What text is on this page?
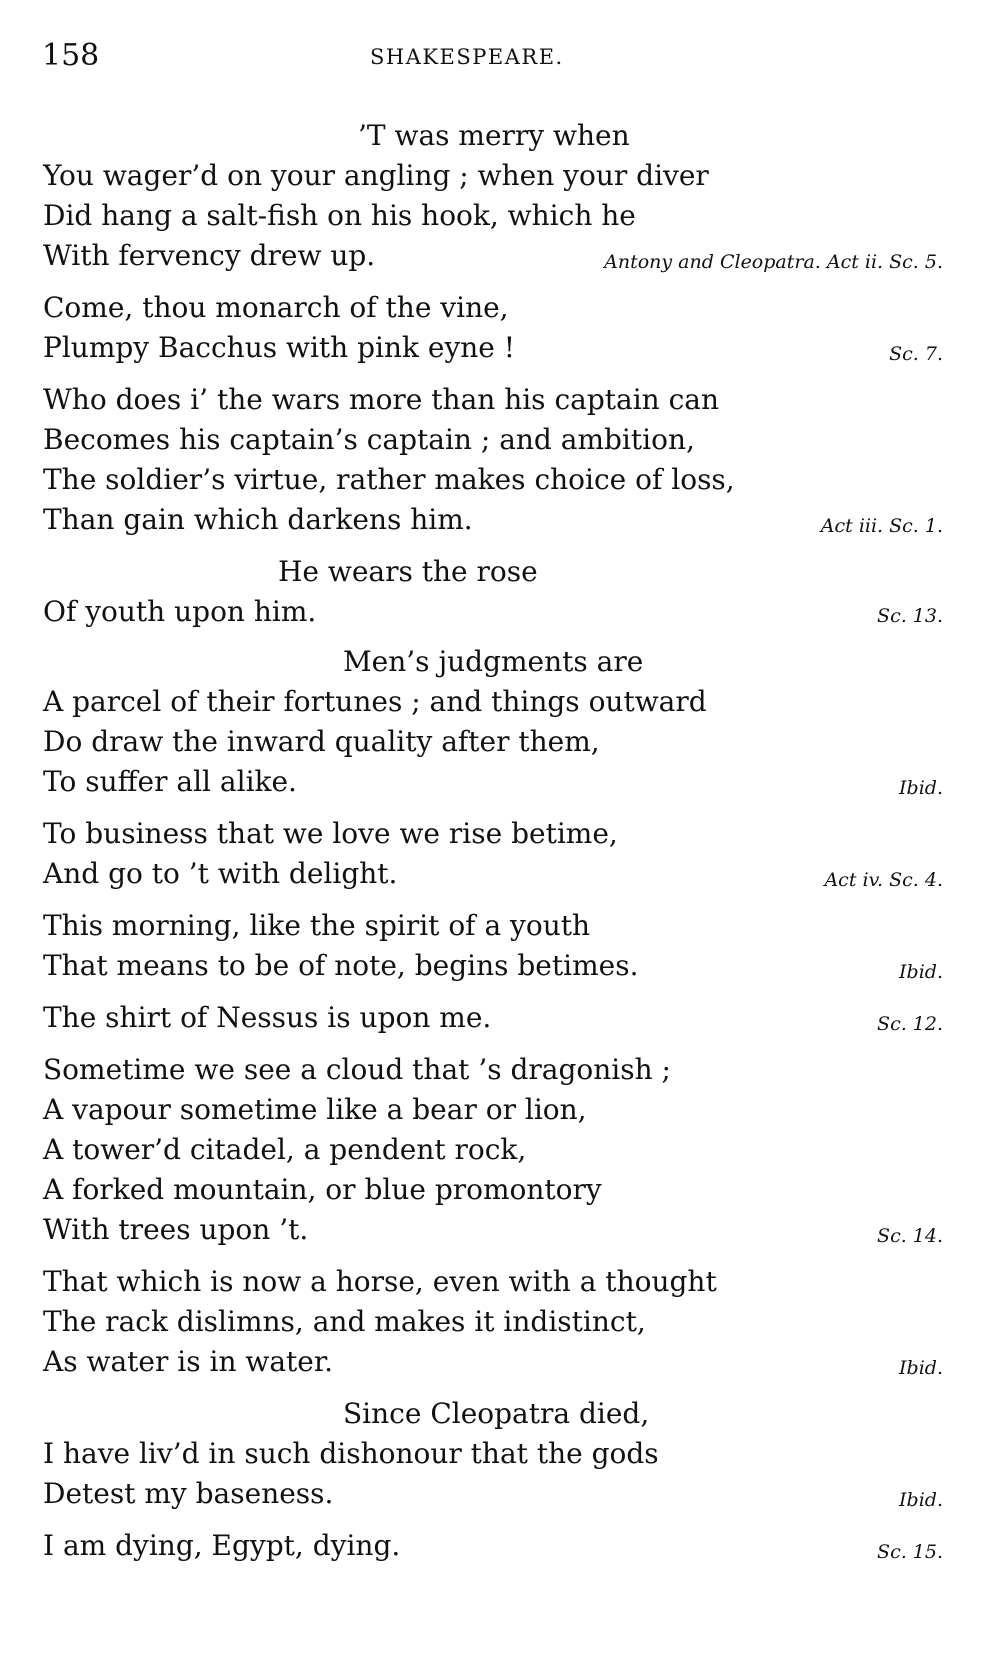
158	SHAKESPEARE.
’T was merry when
You wager’d on your angling ; when your diver
Did hang a salt-fish on his hook, which he
With fervency drew up.	Antony and Cleopatra. Act ii. Sc. 5.
Come, thou monarch of the vine,
Plumpy Bacchus with pink eyne !	Sc. 7.
Who does i’ the wars more than his captain can
Becomes his captain’s captain ; and ambition,
The soldier’s virtue, rather makes choice of loss,
Than gain which darkens him.	Act iii. Sc. 1.
He wears the rose
Of youth upon him.	Sc. 13.
Men’s judgments are
A parcel of their fortunes ; and things outward
Do draw the inward quality after them,
To suffer all alike.	Ibid.
To business that we love we rise betime,
And go to ’t with delight.	Act iv. Sc. 4.
This morning, like the spirit of a youth
That means to be of note, begins betimes.	Ibid.
The shirt of Nessus is upon me.	Sc. 12.
Sometime we see a cloud that ’s dragonish ;
A vapour sometime like a bear or lion,
A tower’d citadel, a pendent rock,
A forked mountain, or blue promontory
With trees upon ’t.	Sc. 14.
That which is now a horse, even with a thought
The rack dislimns, and makes it indistinct,
As water is in water.	Ibid.
Since Cleopatra died,
I have liv’d in such dishonour that the gods
Detest my baseness.	Ibid.
I am dying, Egypt, dying.	Sc. 15.
